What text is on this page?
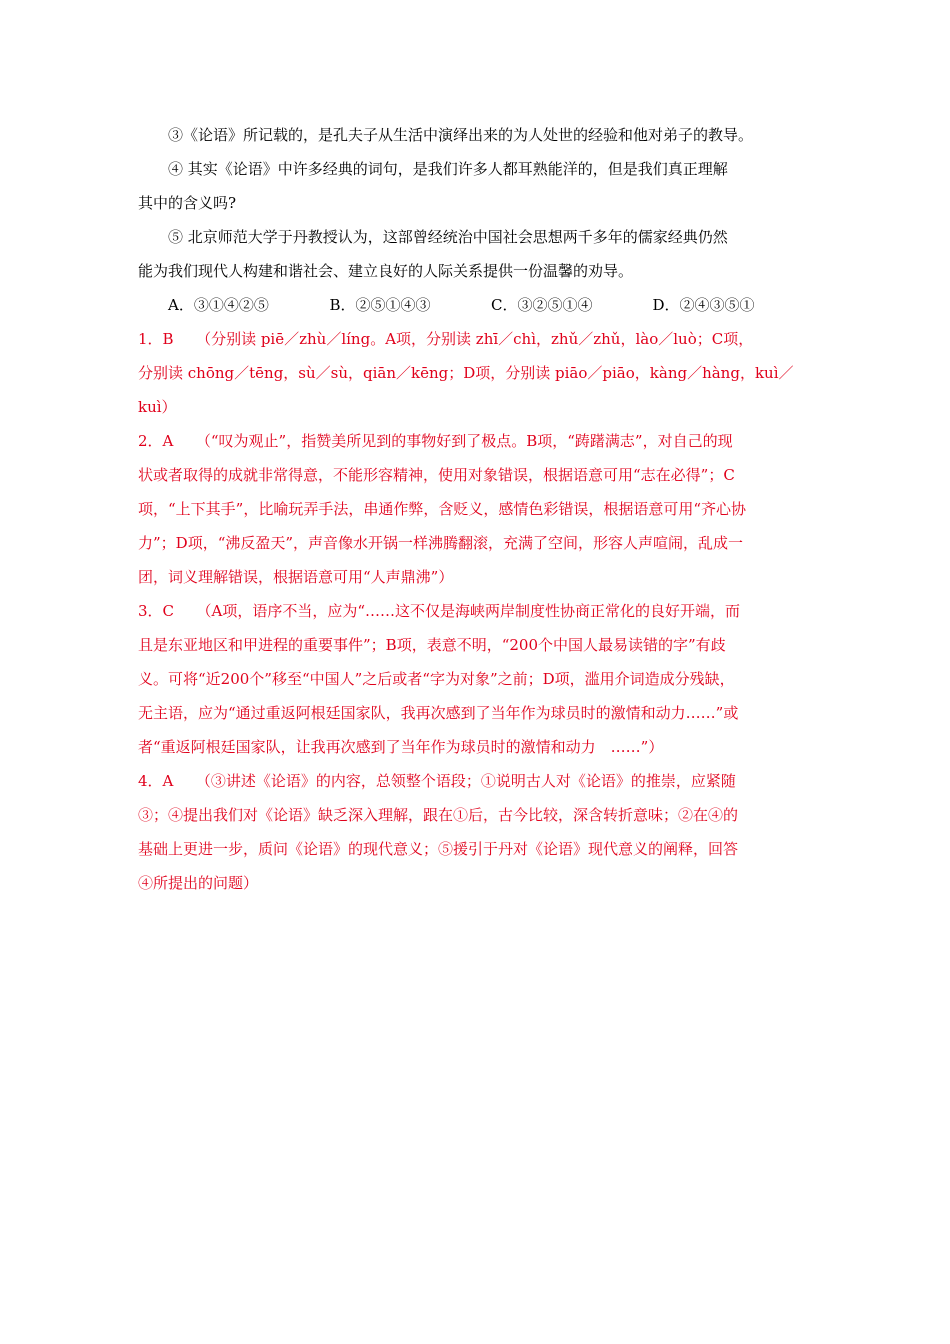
③《论语》所记载的，是孔夫子从生活中演绎出来的为人处世的经验和他对弟子的教导。
④ 其实《论语》中许多经典的词句，是我们许多人都耳熟能洋的，但是我们真正理解
其中的含义吗?
⑤ 北京师范大学于丹教授认为，这部曾经统治中国社会思想两千多年的儒家经典仍然
能为我们现代人构建和谐社会、建立良好的人际关系提供一份温馨的劝导。
A．③①④②⑤	B．②⑤①④③	C．③②⑤①④	D．②④③⑤①
1．B　　（分别读 piē／zhù／líng。A项，分别读 zhī／chì，zhǔ／zhǔ，lào／luò；C项，
分别读 chōng／tēng，sù／sù，qiān／kēng；D项，分别读 piāo／piāo，kàng／hàng，kuì／
kuì）
2．A　　（“叹为观止”，指赞美所见到的事物好到了极点。B项，“踌躇满志”，对自己的现
状或者取得的成就非常得意，不能形容精神，使用对象错误，根据语意可用“志在必得”；C
项，“上下其手”，比喻玩弄手法，串通作弊，含贬义，感情色彩错误，根据语意可用“齐心协
力”；D项，“沸反盈天”，声音像水开锅一样沸腾翻滚，充满了空间，形容人声喧闹，乱成一
团，词义理解错误，根据语意可用“人声鼎沸”）
3．C　　（A项，语序不当，应为“……这不仅是海峡两岸制度性协商正常化的良好开端，而
且是东亚地区和甲进程的重要事件”；B项，表意不明，“200个中国人最易读错的字”有歧
义。可将“近200个”移至“中国人”之后或者“字为对象”之前；D项，滥用介词造成分残缺，
无主语，应为“通过重返阿根廷国家队，我再次感到了当年作为球员时的激情和动力……”或
者“重返阿根廷国家队，让我再次感到了当年作为球员时的激情和动力　……”）
4．A　　（③讲述《论语》的内容，总领整个语段；①说明古人对《论语》的推崇，应紧随
③；④提出我们对《论语》缺乏深入理解，跟在①后，古今比较，深含转折意味；②在④的
基础上更进一步，质问《论语》的现代意义；⑤援引于丹对《论语》现代意义的阐释，回答
④所提出的问题）
